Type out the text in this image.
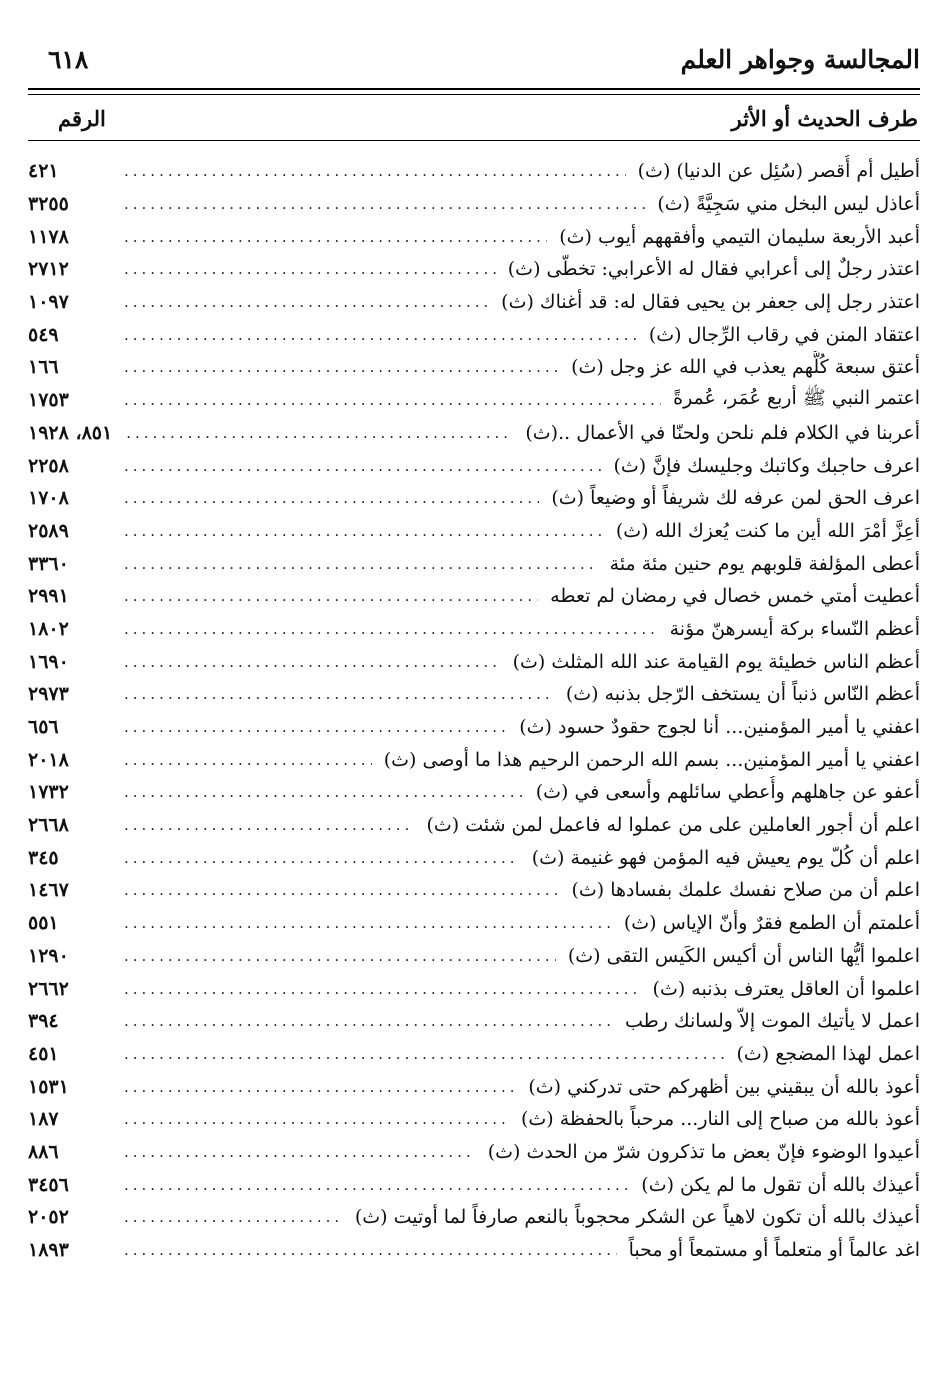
٦١٨	المجالسة وجواهر العلم
الرقم	طرف الحديث أو الأثر
أطيل أم أُقصر (سُئِل عن الدنيا) (ث)
.....
٤٢١
أعاذل ليس البخل مني سَجِيَّةً (ث)
.....
٣٢٥٥
أعبد الأربعة سليمان التيمي وأفقههم أيوب (ث)
.....
١١٧٨
اعتذر رجلٌ إلى أعرابي فقال له الأعرابي: تخطّى (ث)
.....
٢٧١٢
اعتذر رجل إلى جعفر بن يحيى فقال له: قد أغناك (ث)
.....
١٠٩٧
اعتقاد المنن في رقاب الرِّجال (ث)
.....
٥٤٩
أعتق سبعة كُلُّهم يعذب في الله عز وجل (ث)
.....
١٦٦
اعتمر النبي ﷺ أربع عُمَر، عُمرةً
.....
١٧٥٣
أعربنا في الكلام فلم نلحن ولحنّا في الأعمال ..(ث)
.....
٨٥١، ١٩٢٨
اعرف حاجبك وكاتبك وجليسك فإنَّ (ث)
.....
٢٢٥٨
اعرف الحق لمن عرفه لك شريفاً أو وضيعاً (ث)
.....
١٧٠٨
أعِزَّ أمْرَ الله أين ما كنت يُعزك الله (ث)
.....
٢٥٨٩
أعطى المؤلفة قلوبهم يوم حنين مئة مئة
.....
٣٣٦٠
أعطيت أمتي خمس خصال في رمضان لم تعطه
.....
٢٩٩١
أعظم النّساء بركة أيسرهنّ مؤنة
.....
١٨٠٢
أعظم الناس خطيئة يوم القيامة عند الله المثلث (ث)
.....
١٦٩٠
أعظم النّاس ذنباً أن يستخف الرّجل بذنبه (ث)
.....
٢٩٧٣
اعفني يا أمير المؤمنين... أنا لجوج حقودٌ حسود (ث)
.....
٦٥٦
اعفني يا أمير المؤمنين... بسم الله الرحمن الرحيم هذا ما أوصى (ث)
.....
٢٠١٨
أعفو عن جاهلهم وأُعطي سائلهم وأسعى في (ث)
.....
١٧٣٢
اعلم أن أجور العاملين على من عملوا له فاعمل لمن شئت (ث)
.....
٢٦٦٨
اعلم أن كُلّ يوم يعيش فيه المؤمن فهو غنيمة (ث)
.....
٣٤٥
اعلم أن من صلاح نفسك علمك بفسادها (ث)
.....
١٤٦٧
أعلمتم أن الطمع فقرٌ وأنّ الإياس (ث)
.....
٥٥١
اعلموا أيُّها الناس أن أكيس الكَيس التقى (ث)
.....
١٢٩٠
اعلموا أن العاقل يعترف بذنبه (ث)
.....
٢٦٦٢
اعمل لا يأتيك الموت إلاّ ولسانك رطب
.....
٣٩٤
اعمل لهذا المضجع (ث)
.....
٤٥١
أعوذ بالله أن يبقيني بين أظهركم حتى تدركني (ث)
.....
١٥٣١
أعوذ بالله من صباح إلى النار... مرحباً بالحفظة (ث)
.....
١٨٧
أعيدوا الوضوء فإنّ بعض ما تذكرون شرّ من الحدث (ث)
.....
٨٨٦
أعيذك بالله أن تقول ما لم يكن (ث)
.....
٣٤٥٦
أعيذك بالله أن تكون لاهياً عن الشكر محجوباً بالنعم صارفاً لما أوتيت (ث)
.....
٢٠٥٢
اغد عالماً أو متعلماً أو مستمعاً أو محباً
.....
١٨٩٣
